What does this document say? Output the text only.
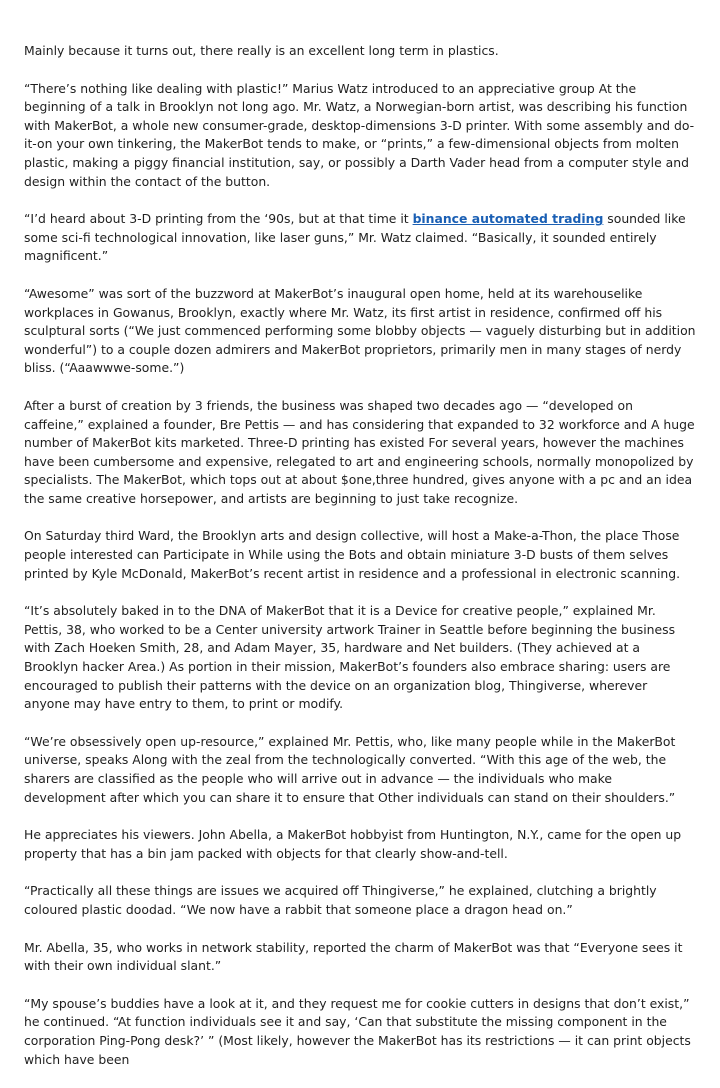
Mainly because it turns out, there really is an excellent long term in plastics.

“There’s nothing like dealing with plastic!” Marius Watz introduced to an appreciative group At the beginning of a talk in Brooklyn not long ago. Mr. Watz, a Norwegian-born artist, was describing his function with MakerBot, a whole new consumer-grade, desktop-dimensions 3-D printer. With some assembly and do-it-on your own tinkering, the MakerBot tends to make, or “prints,” a few-dimensional objects from molten plastic, making a piggy financial institution, say, or possibly a Darth Vader head from a computer style and design within the contact of the button.

“I’d heard about 3-D printing from the ‘90s, but at that time it binance automated trading sounded like some sci-fi technological innovation, like laser guns,” Mr. Watz claimed. “Basically, it sounded entirely magnificent.”

“Awesome” was sort of the buzzword at MakerBot’s inaugural open home, held at its warehouselike workplaces in Gowanus, Brooklyn, exactly where Mr. Watz, its first artist in residence, confirmed off his sculptural sorts (“We just commenced performing some blobby objects — vaguely disturbing but in addition wonderful”) to a couple dozen admirers and MakerBot proprietors, primarily men in many stages of nerdy bliss. (“Aaawwwe-some.”)

After a burst of creation by 3 friends, the business was shaped two decades ago — “developed on caffeine,” explained a founder, Bre Pettis — and has considering that expanded to 32 workforce and A huge number of MakerBot kits marketed. Three-D printing has existed For several years, however the machines have been cumbersome and expensive, relegated to art and engineering schools, normally monopolized by specialists. The MakerBot, which tops out at about $one,three hundred, gives anyone with a pc and an idea the same creative horsepower, and artists are beginning to just take recognize.

On Saturday third Ward, the Brooklyn arts and design collective, will host a Make-a-Thon, the place Those people interested can Participate in While using the Bots and obtain miniature 3-D busts of them selves printed by Kyle McDonald, MakerBot’s recent artist in residence and a professional in electronic scanning.

“It’s absolutely baked in to the DNA of MakerBot that it is a Device for creative people,” explained Mr. Pettis, 38, who worked to be a Center university artwork Trainer in Seattle before beginning the business with Zach Hoeken Smith, 28, and Adam Mayer, 35, hardware and Net builders. (They achieved at a Brooklyn hacker Area.) As portion in their mission, MakerBot’s founders also embrace sharing: users are encouraged to publish their patterns with the device on an organization blog, Thingiverse, wherever anyone may have entry to them, to print or modify.

“We’re obsessively open up-resource,” explained Mr. Pettis, who, like many people while in the MakerBot universe, speaks Along with the zeal from the technologically converted. “With this age of the web, the sharers are classified as the people who will arrive out in advance — the individuals who make development after which you can share it to ensure that Other individuals can stand on their shoulders.”

He appreciates his viewers. John Abella, a MakerBot hobbyist from Huntington, N.Y., came for the open up property that has a bin jam packed with objects for that clearly show-and-tell.

“Practically all these things are issues we acquired off Thingiverse,” he explained, clutching a brightly coloured plastic doodad. “We now have a rabbit that someone place a dragon head on.”

Mr. Abella, 35, who works in network stability, reported the charm of MakerBot was that “Everyone sees it with their own individual slant.”

“My spouse’s buddies have a look at it, and they request me for cookie cutters in designs that don’t exist,” he continued. “At function individuals see it and say, ‘Can that substitute the missing component in the corporation Ping-Pong desk?’ ” (Most likely, however the MakerBot has its restrictions — it can print objects which have been
